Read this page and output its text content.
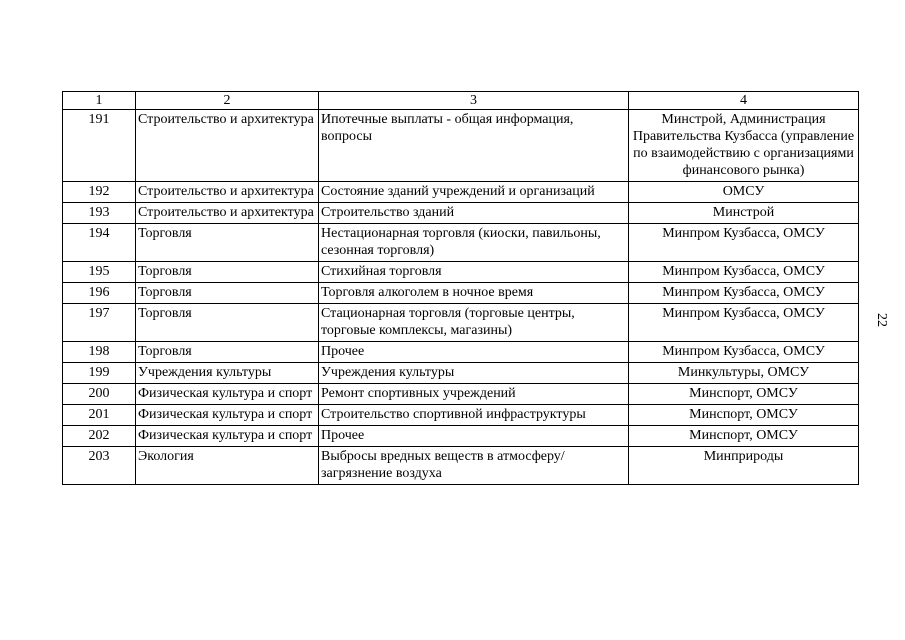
1	2	3	4
191	Строительство и архитектура	Ипотечные выплаты - общая информация, вопросы	Минстрой, Администрация Правительства Кузбасса (управление по взаимодействию с организациями финансового рынка)
192	Строительство и архитектура	Состояние зданий учреждений и организаций	ОМСУ
193	Строительство и архитектура	Строительство зданий	Минстрой
194	Торговля	Нестационарная торговля (киоски, павильоны, сезонная торговля)	Минпром Кузбасса, ОМСУ
195	Торговля	Стихийная торговля	Минпром Кузбасса, ОМСУ
196	Торговля	Торговля алкоголем в ночное время	Минпром Кузбасса, ОМСУ
197	Торговля	Стационарная торговля (торговые центры, торговые комплексы, магазины)	Минпром Кузбасса, ОМСУ
198	Торговля	Прочее	Минпром Кузбасса, ОМСУ
199	Учреждения культуры	Учреждения культуры	Минкультуры, ОМСУ
200	Физическая культура и спорт	Ремонт спортивных учреждений	Минспорт, ОМСУ
201	Физическая культура и спорт	Строительство спортивной инфраструктуры	Минспорт, ОМСУ
202	Физическая культура и спорт	Прочее	Минспорт, ОМСУ
203	Экология	Выбросы вредных веществ в атмосферу/загрязнение воздуха	Минприроды
22
